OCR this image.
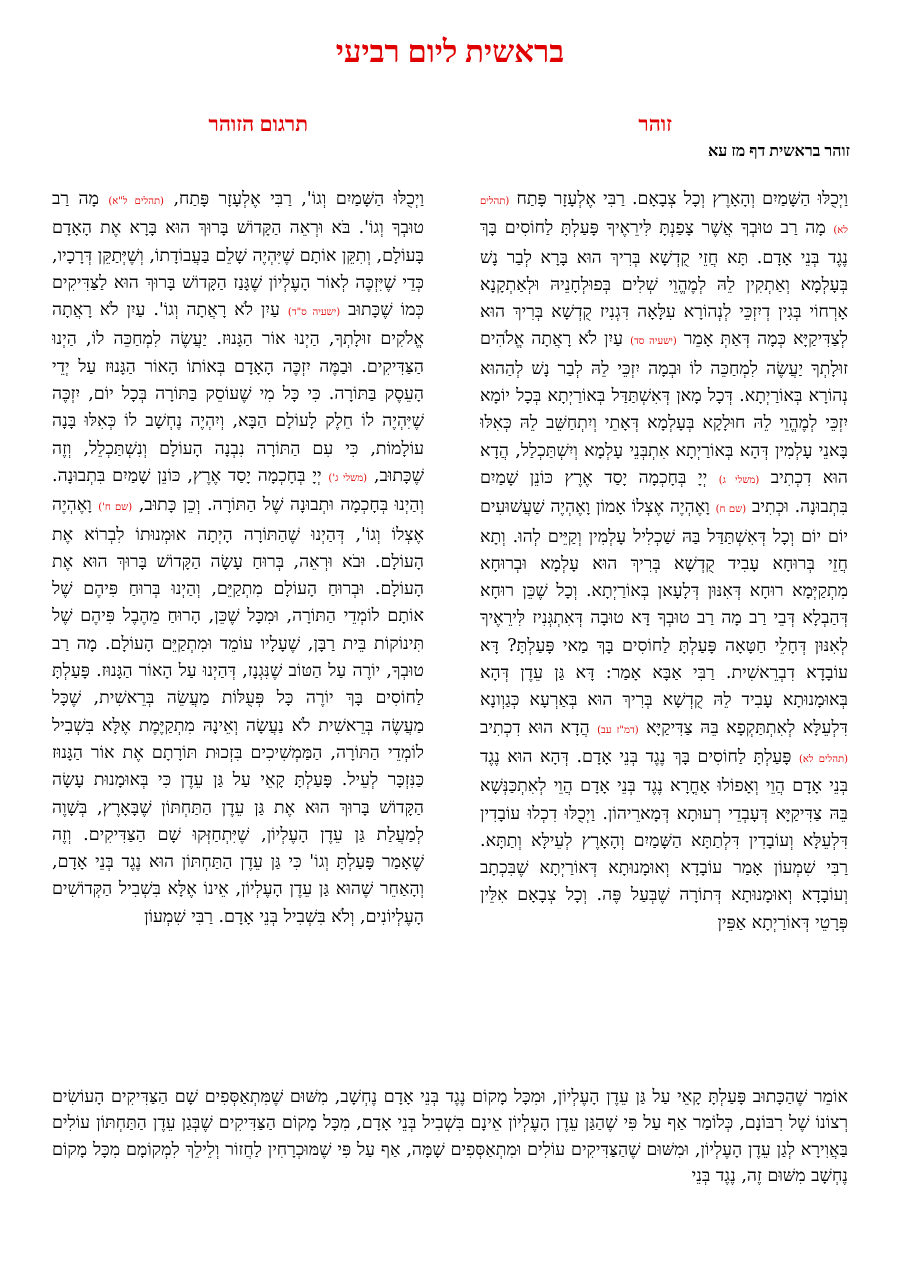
בראשית ליום רביעי
זוהר
תרגום הזוהר
זוהר בראשית דף מז עא

וַיְכֻלּוּ הַשָּׁמַיִם וְהָאָרֶץ וְכָל צְבָאָם. רַבִּי אֶלְעָזָר פָּתַח (תהלים לא) מָה רַב טוּבְךָ אֲשֶׁר צָפַנְתָּ לִּירֵאֶיךָ פָּעַלְתָּ לַחוֹסִים בָּךְ נֶגֶד בְּנֵי אָדָם. תָּא חֲזֵי קֻדְשָׁא בְּרִיךְ הוּא בָּרָא לְבַר נָשׁ בְּעָלְמָא וְאַתְקִין לֵהּ לְמֶהֱוֵי שְׁלִים בְּפוּלְחָנֵיהּ וּלְאַתְקָנָא אָרְחוֹי בְּגִין דְיִזְכֵּי לְנְהוֹרָא עִלָּאָה דִּגְנִיז קֻדְשָׁא בְּרִיךְ הוּא לְצַדִּיקַיָּא כְּמָה דְּאַתְּ אָמֵר (ישעיה סד) עַיִן לֹא רָאֲתָה אֱלֹהִים זוּלָתְךָ יַעֲשֶׂה לִמְחַכֵּה לוֹ וּבְמָה יִזְכֵּי לֵהּ לְבַר נָשׁ לְהַהוּא נְהוֹרָא בְּאוֹרַיְתָא. דְּכָל מָאן דְּאִשְׁתַּדַּל בְּאוֹרַיְתָא בְּכָל יוֹמָא יִזְכֵּי לְמֶהֱוֵי לֵהּ חוּלָקָא בְּעָלְמָא דְּאָתֵי וְיִתְחַשֵּׁב לֵהּ כְּאִלּוּ בָּאנֵי עָלְמִין דְּהָא בְּאוֹרַיְתָא אִתְבְּנֵי עָלְמָא וְיִשְׁתַּכְלַל, הֲדָא הוּא דִכְתִיב (משלי ג) יְיָ בְּחָכְמָה יָסַד אֶרֶץ כּוֹנֵן שָׁמַיִם בִּתְבוּנָה. וּכְתִיב (שם ח) וָאֶהְיֶה אֶצְלוֹ אָמוֹן וָאֶהְיֶה שַׁעֲשׁוּעִים יוֹם יוֹם וְכָל דְּאִשְׁתַּדַּל בַּהּ שַׁכְלִיל עָלְמִין וְקַיֵּים לְהוּ. וְתָא חֲזֵי בְּרוּחָא עָבִיד קֻדְשָׁא בְּרִיךְ הוּא עָלְמָא וּבְרוּחָא מִתְקַיְּמָא רוּחָא דְּאִנּוּן דְּלָעָאן בְּאוֹרַיְתָא. וְכָל שֶׁכֵּן רוּחָא דְּהַבְלָא דְּבֵי רַב מָה רַב טוּבְךָ דָּא טוּבָה דְּאִתְגְּנִיז לִּירֵאֶיךָ לְאִנּוּן דְּחָלֵי חַטָּאָה פָּעַלְתָּ לַחוֹסִים בָּךְ מַאי פָּעַלְתָּ? דָּא עוֹבָדָא דִבְרֵאשִׁית. רַבִּי אַבָּא אָמַר: דָּא גַּן עֵדֶן דְּהָא בְּאוּמָנוּתָא עָבִיד לֵהּ קֻדְשָׁא בְּרִיךְ הוּא בְּאַרְעָא כְּגַוְונָא דִּלְעֵלָּא לְאִתְתַּקְפָא בֵּהּ צַדִּיקַיָּא (דמ"ז עב) הֲדָא הוּא דִכְתִיב (תהלים לא) פָּעַלְתָּ לַחוֹסִים בָּךְ נֶגֶד בְּנֵי אָדָם. דְּהָא הוּא נֶגֶד בְּנֵי אָדָם הֲוֵי וְאָפוֹלוּ אָחֳרָא נֶגֶד בְּנֵי אָדָם הֲוֵי לְאִתְכַּנְּשָׁא בֵּהּ צַדִּיקַיָּא דְּעָבְדֵי רְעוּתָא דְּמָארֵיהוֹן. וַיְכֻלּוּ דִכְלוּ עוֹבָדִין דִּלְעֵלָּא וְעוֹבָדִין דִּלְתַתָּא הַשָּׁמַיִם וְהָאָרֶץ לְעֵילָּא וְתַתָּא. רַבִּי שִׁמְעוֹן אָמַר עוֹבָדָא וְאוּמָנוּתָא דְּאוֹרַיְתָא שֶׁבִּכְתָב וְעוֹבָדָא וְאוּמָנוּתָא דְּתוֹרָה שֶׁבְּעַל פֶּה. וְכָל צְבָאָם אִלֵּין פְּרָטֵי דְּאוֹרַיְתָא אַפֵּין

וַיְכֻלּוּ הַשָּׁמַיִם וְגוֹ', רַבִּי אֶלְעָזָר פָּתַח, (תהלים ל"א) מָה רַב טוּבְךָ וְגוֹ'. בֹּא וּרְאֵה הַקָּדוֹשׁ בָּרוּךְ הוּא בָּרָא אֶת הָאָדָם בָּעוֹלָם, וְתִקֵּן אוֹתָם שֶׁיִּהְיֶה שָׁלֵם בַּעֲבוֹדָתוֹ, וְשֶׁיְּתַקֵּן דְּרָכָיו, כְּדֵי שֶׁיִּזְכֶּה לְאוֹר הָעֶלְיוֹן שֶׁגָּנַז הַקָּדוֹשׁ בָּרוּךְ הוּא לַצַּדִּיקִים כְּמוֹ שֶׁכָּתוּב (ישעיה ס"ד) עַיִן לֹא רָאֲתָה וְגוֹ'. עַיִן לֹא רָאֲתָה אֱלֹקִים זוּלָתְךָ, הַיְנוּ אוֹר הַגָּנוּז. יַעֲשֶׂה לִמְחַכֵּה לוֹ, הַיְנוּ הַצַּדִּיקִים. וּבַמֶּה יִזְכֶּה הָאָדָם בְּאוֹתוֹ הָאוֹר הַגָּנוּז עַל יְדֵי הָעֵסֶק בַּתּוֹרָה. כִּי כָּל מִי שֶׁעוֹסֵק בַּתּוֹרָה בְּכָל יוֹם, יִזְכֶּה שֶׁיִּהְיֶה לוֹ חֵלֶק לָעוֹלָם הַבָּא, וְיִהְיֶה נֶחְשָׁב לוֹ כְּאִלּוּ בָּנָה עוֹלָמוֹת, כִּי עִם הַתּוֹרָה נִבְנָה הָעוֹלָם וְנִשְׁתַּכְלֵל, וְזֶה שֶׁכָּתוּב, (משלי ג') יְיָ בְּחָכְמָה יָסַד אֶרֶץ, כּוֹנֵן שָׁמַיִם בִּתְבוּנָה. וְהַיְנוּ בְּחָכְמָה וּתְבוּנָה שֶׁל הַתּוֹרָה. וְכֵן כָּתוּב, (שם ח') וָאֶהְיֶה אֶצְלוֹ וְגוֹ', דְּהַיְנוּ שֶׁהַתּוֹרָה הָיְתָה אוּמְנוּתוֹ לִבְרוֹא אֶת הָעוֹלָם. וּבֹא וּרְאֵה, בְּרוּחַ עָשָׂה הַקָּדוֹשׁ בָּרוּךְ הוּא אֶת הָעוֹלָם. וּבְרוּחַ הָעוֹלָם מִתְקַיֵּם, וְהַיְנוּ בְּרוּחַ פִּיהֶם שֶׁל אוֹתָם לוֹמְדֵי הַתּוֹרָה, וּמִכָּל שֶׁכֵּן, הָרוּחַ מֵהֶבֶל פִּיהֶם שֶׁל תִּינוֹקוֹת בֵּית רַבָּן, שֶׁעָלָיו עוֹמֵד וּמִתְקַיֵּם הָעוֹלָם. מָה רַב טוּבְךָ, יוֹרֶה עַל הַטּוֹב שֶׁנִּגְנָז, דְּהַיְנוּ עַל הָאוֹר הַגָּנוּז. פָּעַלְתָּ לַחוֹסִים בָּךְ יוֹרֶה כָּל פְּעֻלּוֹת מַעֲשֵׂה בְּרֵאשִׁית, שֶׁכָּל מַעֲשֶׂה בְּרֵאשִׁית לֹא נַעֲשָׂה וְאֵינָהּ מִתְקַיֶּמֶת אֶלָּא בִּשְׁבִיל לוֹמְדֵי הַתּוֹרָה, הַמַּמְשִׁיכִים בִּזְכוּת תּוֹרָתָם אֶת אוֹר הַגָּנוּז כַּנִּזְכָּר לְעֵיל. פָּעַלְתָּ קָאֵי עַל גַּן עֵדֶן כִּי בְּאוּמָנוּת עָשָׂה הַקָּדוֹשׁ בָּרוּךְ הוּא אֶת גַּן עֵדֶן הַתַּחְתּוֹן שֶׁבָּאָרֶץ, בְּשָׁוֶה לְמַעֲלַת גַּן עֵדֶן הָעֶלְיוֹן, שֶׁיִּתְחַזְּקוּ שָׁם הַצַּדִּיקִים. וְזֶה שֶׁאָמַר פָּעַלְתָּ וְגוֹ' כִּי גַּן עֵדֶן הַתַּחְתּוֹן הוּא נֶגֶד בְּנֵי אָדָם, וְהָאַחֵר שֶׁהוּא גַּן עֵדֶן הָעֶלְיוֹן, אֵינוֹ אֶלָּא בִּשְׁבִיל הַקְּדוֹשִׁים הָעֶלְיוֹנִים, וְלֹא בִּשְׁבִיל בְּנֵי אָדָם. רַבִּי שִׁמְעוֹן

אוֹמֵר שֶׁהַכָּתוּב פָּעַלְתָּ קָאֵי עַל גַּן עֵדֶן הָעֶלְיוֹן, וּמִכָּל מָקוֹם נֶגֶד בְּנֵי אָדָם נֶחְשָׁב, מִשּׁוּם שֶׁמִּתְאַסְּפִים שָׁם הַצַּדִּיקִים הָעוֹשִׂים רְצוֹנוֹ שֶׁל רִבּוֹנָם, כְּלוֹמַר אַף עַל פִּי שֶׁהַגַּן עֵדֶן הָעֶלְיוֹן אֵינָם בִּשְׁבִיל בְּנֵי אָדָם, מִכָּל מָקוֹם הַצַּדִּיקִים שֶׁבְּגַן עֵדֶן הַתַּחְתּוֹן עוֹלִים בַּאֲוִירָא לְגַן עֵדֶן הָעֶלְיוֹן, וּמִשּׁוּם שֶׁהַצַּדִּיקִים עוֹלִים וּמִתְאַסְּפִים שָׁמָּה, אַף עַל פִּי שֶׁמּוּכְרָחִין לַחֲזוֹר וְלֵילֵךְ לִמְקוֹמָם מִכָּל מָקוֹם נֶחְשָׁב מִשּׁוּם זֶה, נֶגֶד בְּנֵי
